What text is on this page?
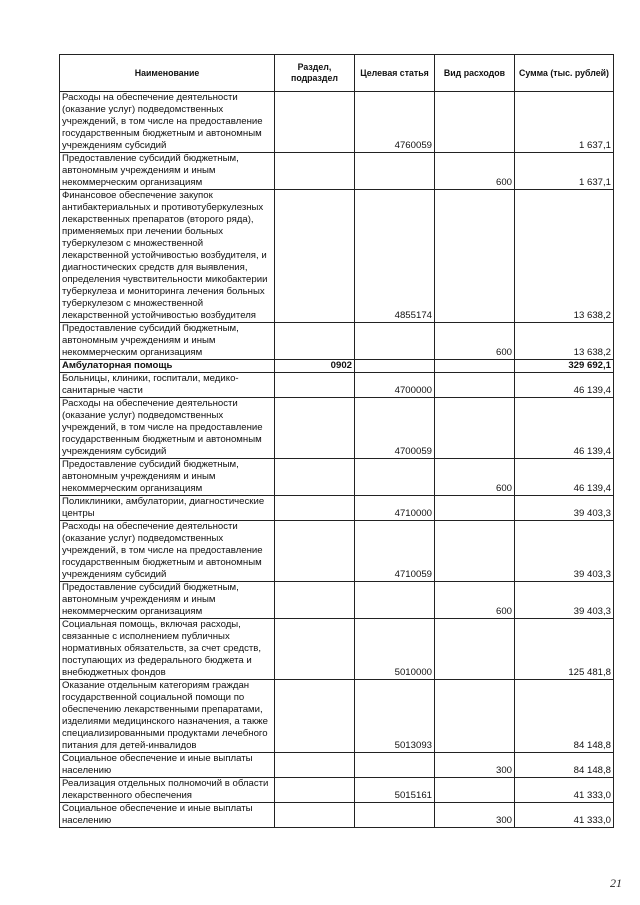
Наименование	Раздел, подраздел	Целевая статья	Вид расходов	Сумма (тыс. рублей)
Расходы на обеспечение деятельности (оказание услуг) подведомственных учреждений, в том числе на предоставление государственным бюджетным и автономным учреждениям субсидий		4760059		1 637,1
Предоставление субсидий бюджетным, автономным учреждениям и иным некоммерческим организациям			600	1 637,1
Финансовое обеспечение закупок антибактериальных и противотуберкулезных лекарственных препаратов (второго ряда), применяемых при лечении больных туберкулезом с множественной лекарственной устойчивостью возбудителя, и диагностических средств для выявления, определения чувствительности микобактерии туберкулеза и мониторинга лечения больных туберкулезом с множественной лекарственной устойчивостью возбудителя		4855174		13 638,2
Предоставление субсидий бюджетным, автономным учреждениям и иным некоммерческим организациям			600	13 638,2
Амбулаторная помощь	0902			329 692,1
Больницы, клиники, госпитали, медико-санитарные части		4700000		46 139,4
Расходы на обеспечение деятельности (оказание услуг) подведомственных учреждений, в том числе на предоставление государственным бюджетным и автономным учреждениям субсидий		4700059		46 139,4
Предоставление субсидий бюджетным, автономным учреждениям и иным некоммерческим организациям			600	46 139,4
Поликлиники, амбулатории, диагностические центры		4710000		39 403,3
Расходы на обеспечение деятельности (оказание услуг) подведомственных учреждений, в том числе на предоставление государственным бюджетным и автономным учреждениям субсидий		4710059		39 403,3
Предоставление субсидий бюджетным, автономным учреждениям и иным некоммерческим организациям			600	39 403,3
Социальная помощь, включая расходы, связанные с исполнением публичных нормативных обязательств, за счет средств, поступающих из федерального бюджета и внебюджетных фондов		5010000		125 481,8
Оказание отдельным категориям граждан государственной социальной помощи по обеспечению лекарственными препаратами, изделиями медицинского назначения, а также специализированными продуктами лечебного питания для детей-инвалидов		5013093		84 148,8
Социальное обеспечение и иные выплаты населению			300	84 148,8
Реализация отдельных полномочий в области лекарственного обеспечения		5015161		41 333,0
Социальное обеспечение и иные выплаты населению			300	41 333,0
21
